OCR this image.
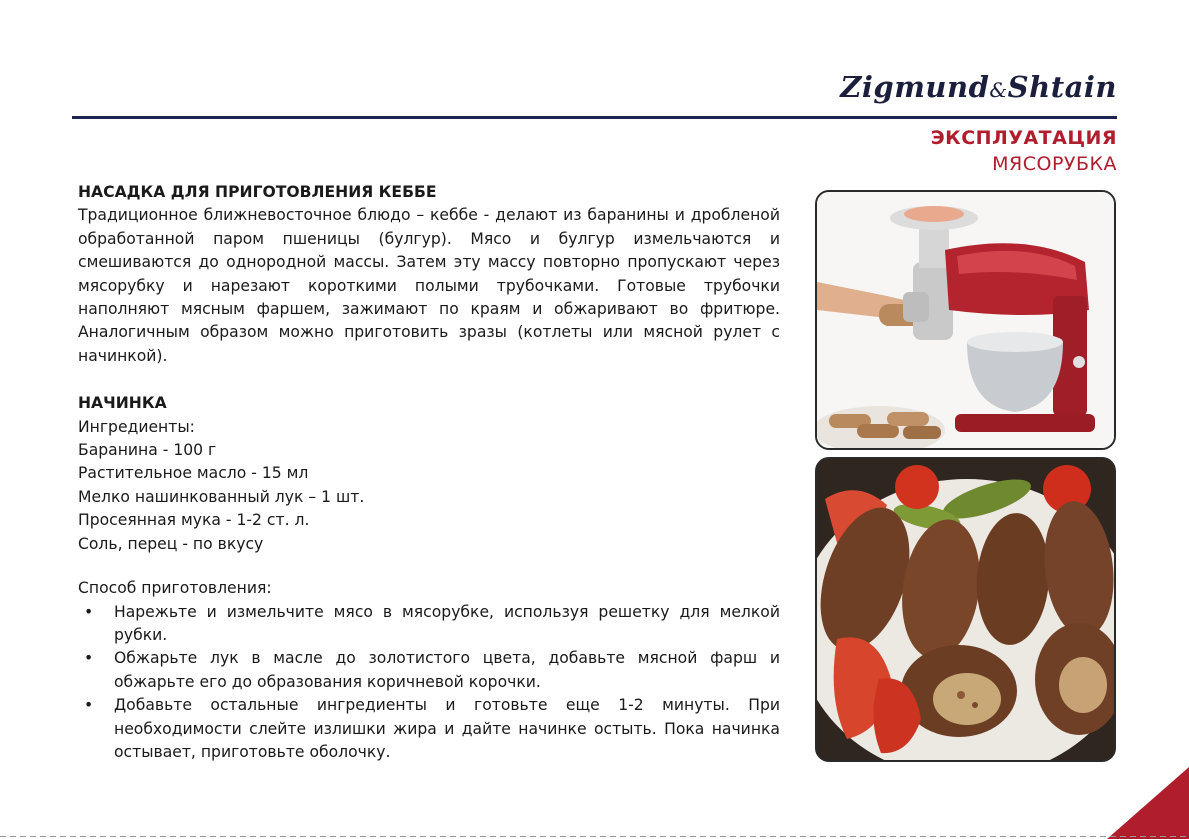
Zigmund&Shtain
ЭКСПЛУАТАЦИЯ
МЯСОРУБКА

НАСАДКА ДЛЯ ПРИГОТОВЛЕНИЯ КЕББЕ

Традиционное ближневосточное блюдо – кеббе - делают из баранины и дробленой обработанной паром пшеницы (булгур). Мясо и булгур измельчаются и смешиваются до однородной массы. Затем эту массу повторно пропускают через мясорубку и нарезают короткими полыми трубочками. Готовые трубочки наполняют мясным фаршем, зажимают по краям и обжаривают во фритюре. Аналогичным образом можно приготовить зразы (котлеты или мясной рулет с начинкой).

НАЧИНКА

Ингредиенты:
Баранина - 100 г
Растительное масло - 15 мл
Мелко нашинкованный лук – 1 шт.
Просеянная мука - 1-2 ст. л.
Соль, перец - по вкусу
Способ приготовления:
• Нарежьте и измельчите мясо в мясорубке, используя решетку для мелкой рубки.
• Обжарьте лук в масле до золотистого цвета, добавьте мясной фарш и обжарьте его до образования коричневой корочки.
• Добавьте остальные ингредиенты и готовьте еще 1-2 минуты. При необходимости слейте излишки жира и дайте начинке остыть. Пока начинка остывает, приготовьте оболочку.
